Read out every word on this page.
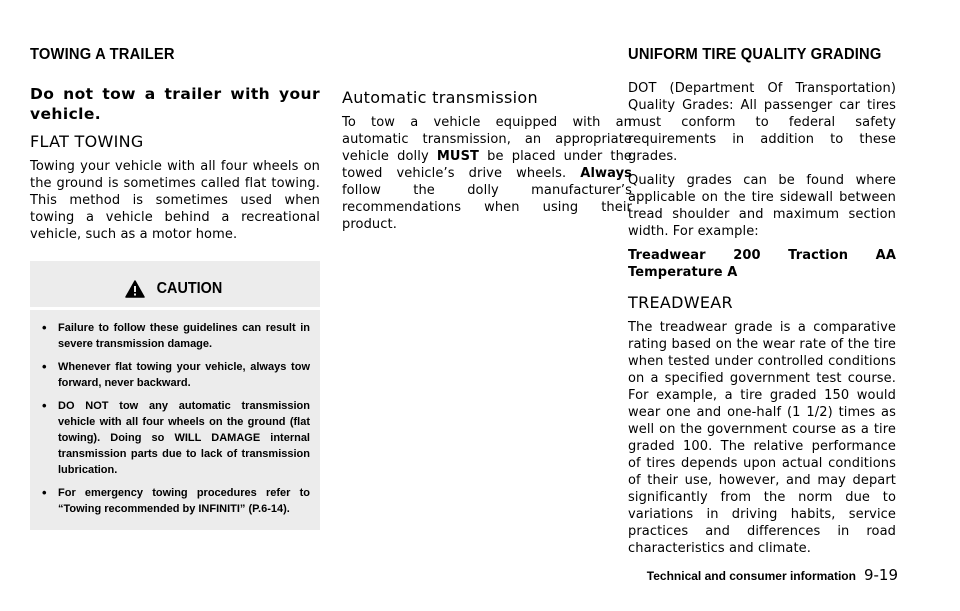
TOWING A TRAILER	UNIFORM TIRE QUALITY GRADING

Do not tow a trailer with your vehicle.

FLAT TOWING

Towing your vehicle with all four wheels on the ground is sometimes called flat towing. This method is sometimes used when towing a vehicle behind a recreational vehicle, such as a motor home.

CAUTION
• Failure to follow these guidelines can result in severe transmission damage.
• Whenever flat towing your vehicle, always tow forward, never backward.
• DO NOT tow any automatic transmission vehicle with all four wheels on the ground (flat towing). Doing so WILL DAMAGE internal transmission parts due to lack of transmission lubrication.
• For emergency towing procedures refer to “Towing recommended by INFINITI” (P.6-14).
Automatic transmission

To tow a vehicle equipped with an automatic transmission, an appropriate vehicle dolly MUST be placed under the towed vehicle’s drive wheels. Always follow the dolly manufacturer’s recommendations when using their product.

DOT (Department Of Transportation) Quality Grades: All passenger car tires must conform to federal safety requirements in addition to these grades.

Quality grades can be found where applicable on the tire sidewall between tread shoulder and maximum section width. For example:

Treadwear 200 Traction AA Temperature A

TREADWEAR

The treadwear grade is a comparative rating based on the wear rate of the tire when tested under controlled conditions on a specified government test course. For example, a tire graded 150 would wear one and one-half (1 1/2) times as well on the government course as a tire graded 100. The relative performance of tires depends upon actual conditions of their use, however, and may depart significantly from the norm due to variations in driving habits, service practices and differences in road characteristics and climate.

Technical and consumer information 9-19
